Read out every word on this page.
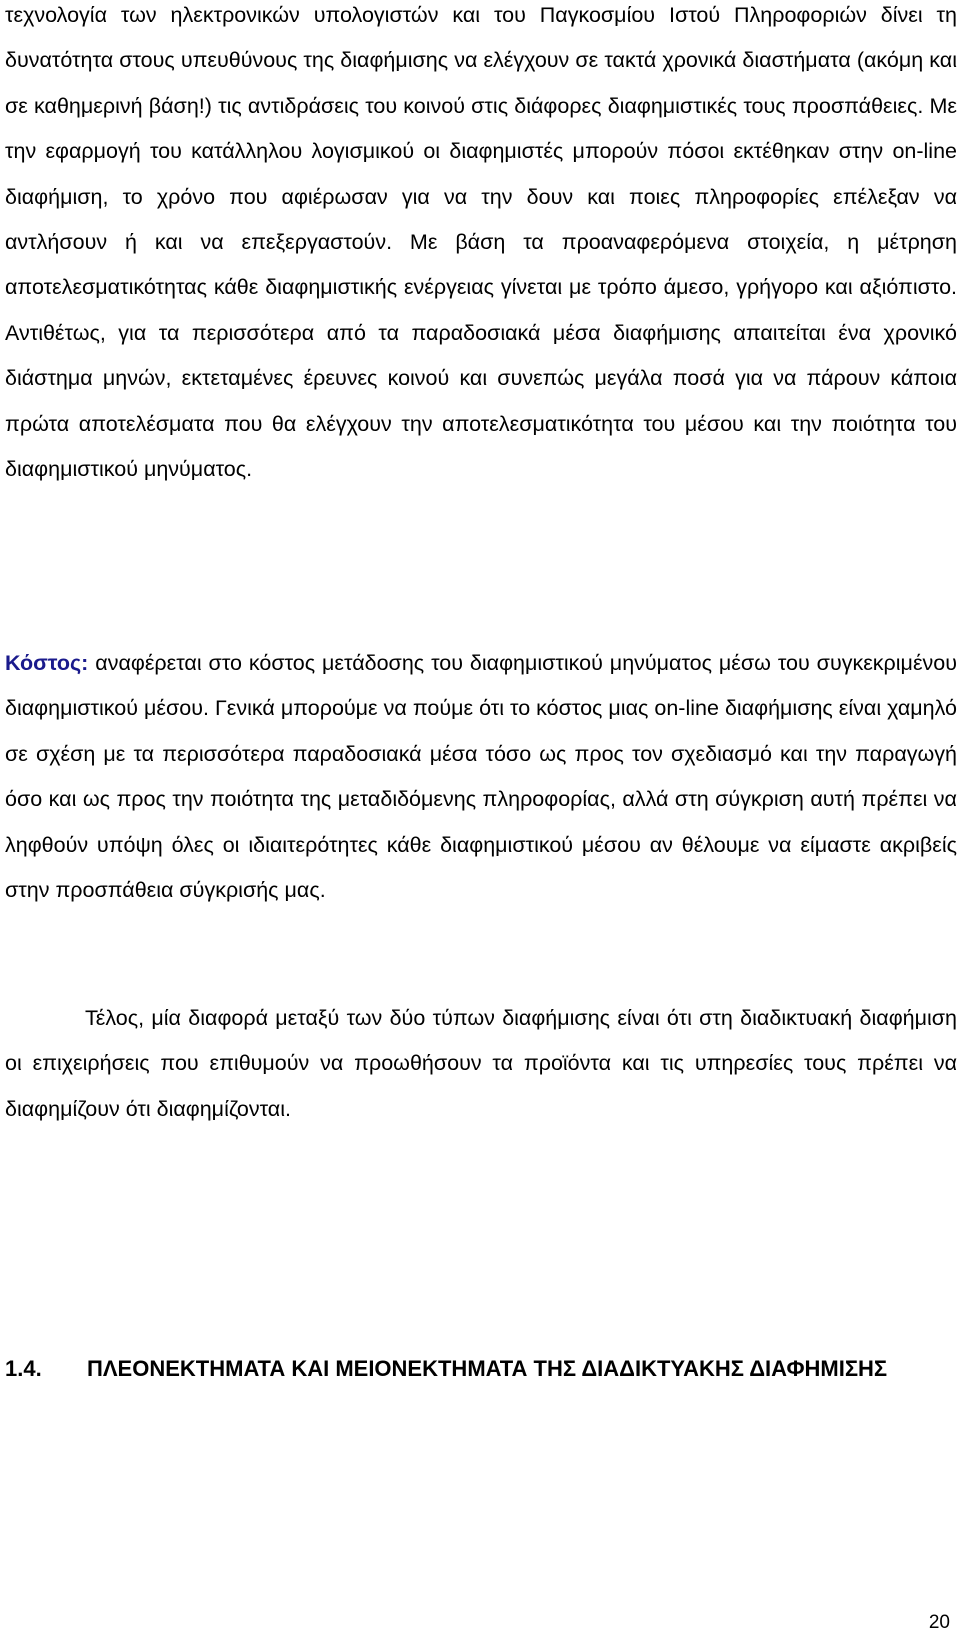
τεχνολογία των ηλεκτρονικών υπολογιστών και του Παγκοσμίου Ιστού Πληροφοριών δίνει τη δυνατότητα στους υπευθύνους της διαφήμισης να ελέγχουν σε τακτά χρονικά διαστήματα (ακόμη και σε καθημερινή βάση!) τις αντιδράσεις του κοινού στις διάφορες διαφημιστικές τους προσπάθειες. Με την εφαρμογή του κατάλληλου λογισμικού οι διαφημιστές μπορούν πόσοι εκτέθηκαν στην on-line διαφήμιση, το χρόνο που αφιέρωσαν για να την δουν και ποιες πληροφορίες επέλεξαν να αντλήσουν ή και να επεξεργαστούν. Με βάση τα προαναφερόμενα στοιχεία, η μέτρηση αποτελεσματικότητας κάθε διαφημιστικής ενέργειας γίνεται με τρόπο άμεσο, γρήγορο και αξιόπιστο. Αντιθέτως, για τα περισσότερα από τα παραδοσιακά μέσα διαφήμισης απαιτείται ένα χρονικό διάστημα μηνών, εκτεταμένες έρευνες κοινού και συνεπώς μεγάλα ποσά για να πάρουν κάποια πρώτα αποτελέσματα που θα ελέγχουν την αποτελεσματικότητα του μέσου και την ποιότητα του διαφημιστικού μηνύματος.

Κόστος: αναφέρεται στο κόστος μετάδοσης του διαφημιστικού μηνύματος μέσω του συγκεκριμένου διαφημιστικού μέσου. Γενικά μπορούμε να πούμε ότι το κόστος μιας on-line διαφήμισης είναι χαμηλό σε σχέση με τα περισσότερα παραδοσιακά μέσα τόσο ως προς τον σχεδιασμό και την παραγωγή όσο και ως προς την ποιότητα της μεταδιδόμενης πληροφορίας, αλλά στη σύγκριση αυτή πρέπει να ληφθούν υπόψη όλες οι ιδιαιτερότητες κάθε διαφημιστικού μέσου αν θέλουμε να είμαστε ακριβείς στην προσπάθεια σύγκρισής μας.

Τέλος, μία διαφορά μεταξύ των δύο τύπων διαφήμισης είναι ότι στη διαδικτυακή διαφήμιση οι επιχειρήσεις που επιθυμούν να προωθήσουν τα προϊόντα και τις υπηρεσίες τους πρέπει να διαφημίζουν ότι διαφημίζονται.

1.4. ΠΛΕΟΝΕΚΤΗΜΑΤΑ ΚΑΙ ΜΕΙΟΝΕΚΤΗΜΑΤΑ ΤΗΣ ΔΙΑΔΙΚΤΥΑΚΗΣ ΔΙΑΦΗΜΙΣΗΣ

20
